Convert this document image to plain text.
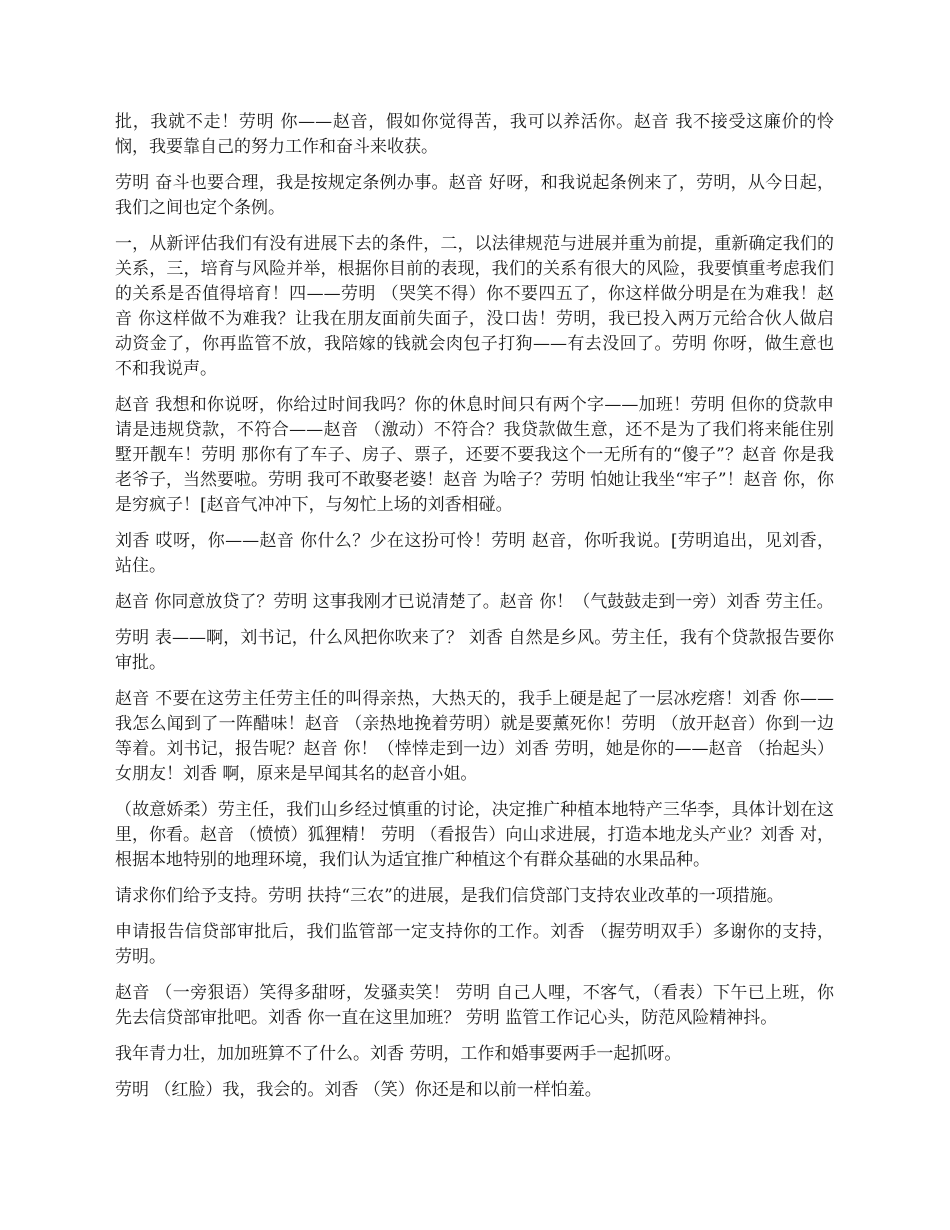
批，我就不走！劳明 你——赵音，假如你觉得苦，我可以养活你。赵音 我不接受这廉价的怜悯，我要靠自己的努力工作和奋斗来收获。

劳明 奋斗也要合理，我是按规定条例办事。赵音 好呀，和我说起条例来了，劳明，从今日起，我们之间也定个条例。

一，从新评估我们有没有进展下去的条件，二，以法律规范与进展并重为前提，重新确定我们的关系，三，培育与风险并举，根据你目前的表现，我们的关系有很大的风险，我要慎重考虑我们的关系是否值得培育！四——劳明 （哭笑不得）你不要四五了，你这样做分明是在为难我！赵音 你这样做不为难我？让我在朋友面前失面子，没口齿！劳明，我已投入两万元给合伙人做启动资金了，你再监管不放，我陪嫁的钱就会肉包子打狗——有去没回了。劳明 你呀，做生意也不和我说声。

赵音 我想和你说呀，你给过时间我吗？你的休息时间只有两个字——加班！劳明 但你的贷款申请是违规贷款，不符合——赵音 （激动）不符合？我贷款做生意，还不是为了我们将来能住别墅开靓车！劳明 那你有了车子、房子、票子，还要不要我这个一无所有的“傻子”？赵音 你是我老爷子，当然要啦。劳明 我可不敢娶老婆！赵音 为啥子？劳明 怕她让我坐“牢子”！赵音 你，你是穷疯子！[赵音气冲冲下，与匆忙上场的刘香相碰。

刘香 哎呀，你——赵音 你什么？少在这扮可怜！劳明 赵音，你听我说。[劳明追出，见刘香，站住。

赵音 你同意放贷了？劳明 这事我刚才已说清楚了。赵音 你！（气鼓鼓走到一旁）刘香 劳主任。

劳明 表——啊，刘书记，什么风把你吹来了？ 刘香 自然是乡风。劳主任，我有个贷款报告要你审批。

赵音 不要在这劳主任劳主任的叫得亲热，大热天的，我手上硬是起了一层冰疙瘩！刘香 你——我怎么闻到了一阵醋味！赵音 （亲热地挽着劳明）就是要薰死你！劳明 （放开赵音）你到一边等着。刘书记，报告呢？赵音 你！（悻悻走到一边）刘香 劳明，她是你的——赵音 （抬起头）女朋友！刘香 啊，原来是早闻其名的赵音小姐。

（故意娇柔）劳主任，我们山乡经过慎重的讨论，决定推广种植本地特产三华李，具体计划在这里，你看。赵音 （愤愤）狐狸精！ 劳明 （看报告）向山求进展，打造本地龙头产业？刘香 对，根据本地特别的地理环境，我们认为适宜推广种植这个有群众基础的水果品种。

请求你们给予支持。劳明 扶持“三农”的进展，是我们信贷部门支持农业改革的一项措施。

申请报告信贷部审批后，我们监管部一定支持你的工作。刘香 （握劳明双手）多谢你的支持，劳明。

赵音 （一旁狠语）笑得多甜呀，发骚卖笑！ 劳明 自己人哩，不客气，（看表）下午已上班，你先去信贷部审批吧。刘香 你一直在这里加班？ 劳明 监管工作记心头，防范风险精神抖。

我年青力壮，加加班算不了什么。刘香 劳明，工作和婚事要两手一起抓呀。

劳明 （红脸）我，我会的。刘香 （笑）你还是和以前一样怕羞。
